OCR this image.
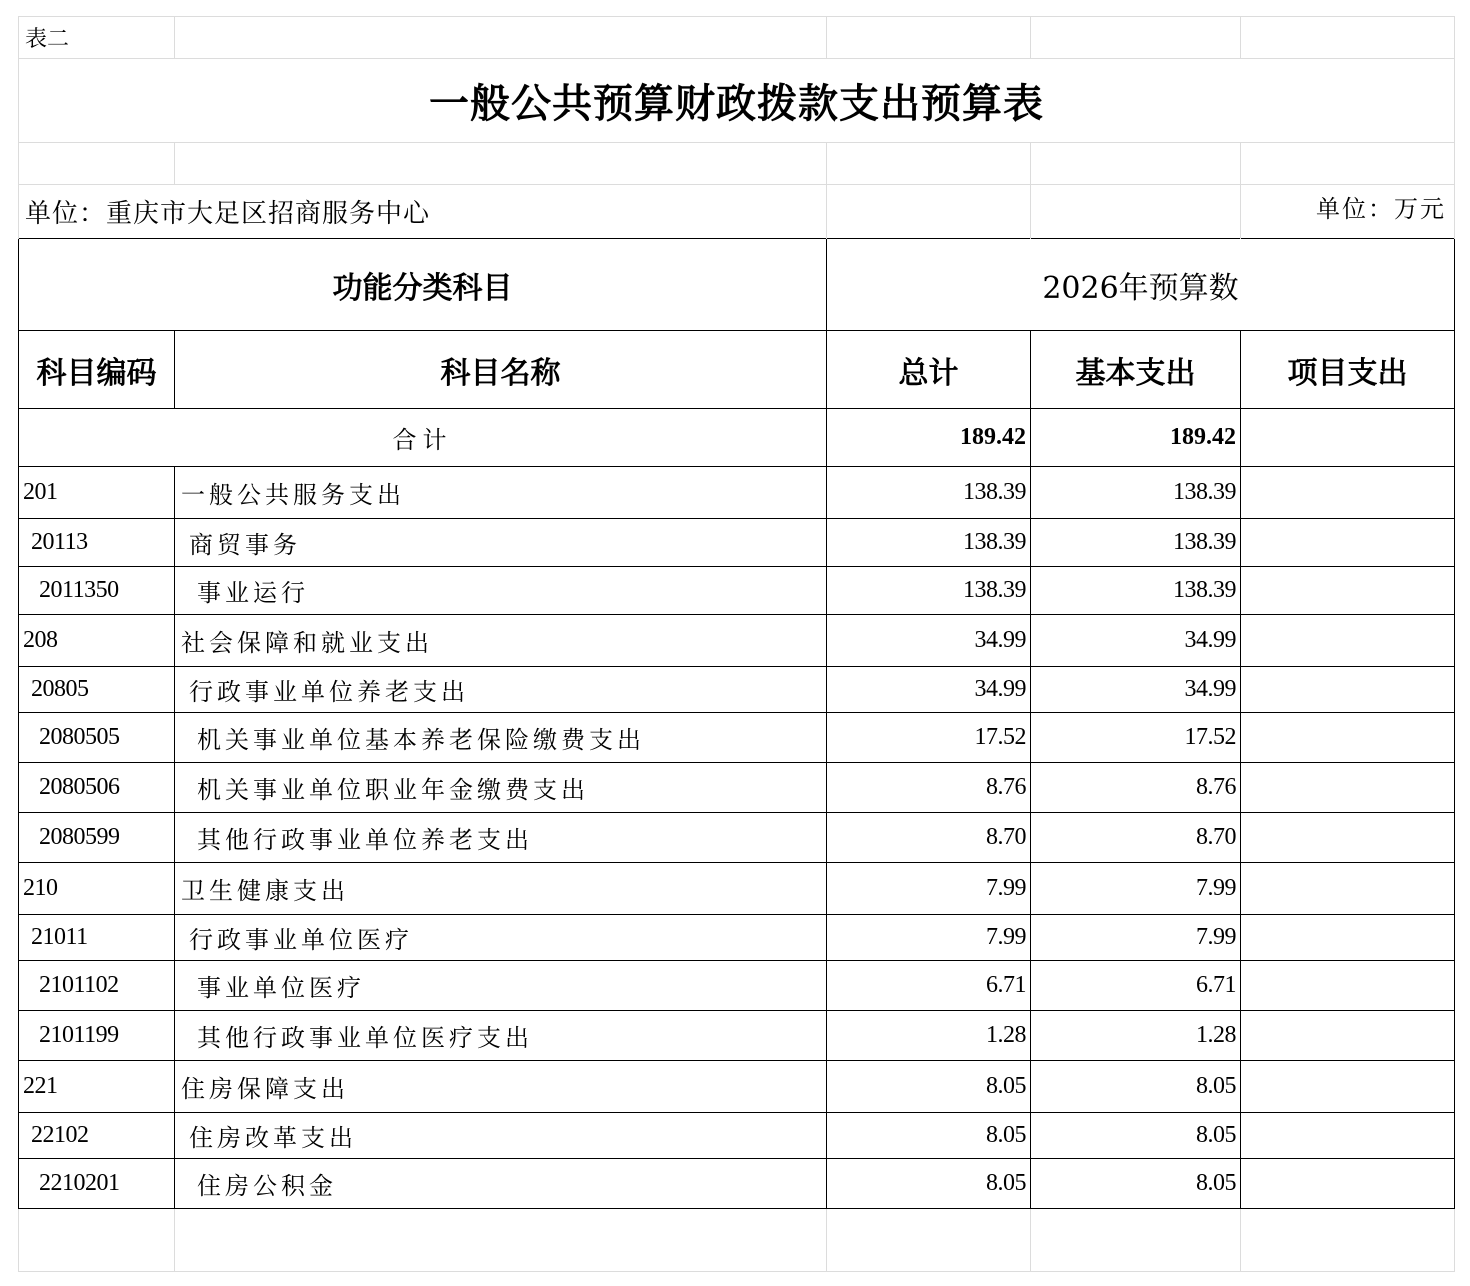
表二				
一般公共预算财政拨款支出预算表				

单位：重庆市大足区招商服务中心				单位：万元
功能分类科目		2026年预算数		
科目编码	科目名称	总计	基本支出	项目支出
合计		189.42	189.42	
201	一般公共服务支出	138.39	138.39	
20113	商贸事务	138.39	138.39	
2011350	事业运行	138.39	138.39	
208	社会保障和就业支出	34.99	34.99	
20805	行政事业单位养老支出	34.99	34.99	
2080505	机关事业单位基本养老保险缴费支出	17.52	17.52	
2080506	机关事业单位职业年金缴费支出	8.76	8.76	
2080599	其他行政事业单位养老支出	8.70	8.70	
210	卫生健康支出	7.99	7.99	
21011	行政事业单位医疗	7.99	7.99	
2101102	事业单位医疗	6.71	6.71	
2101199	其他行政事业单位医疗支出	1.28	1.28	
221	住房保障支出	8.05	8.05	
22102	住房改革支出	8.05	8.05	
2210201	住房公积金	8.05	8.05	
